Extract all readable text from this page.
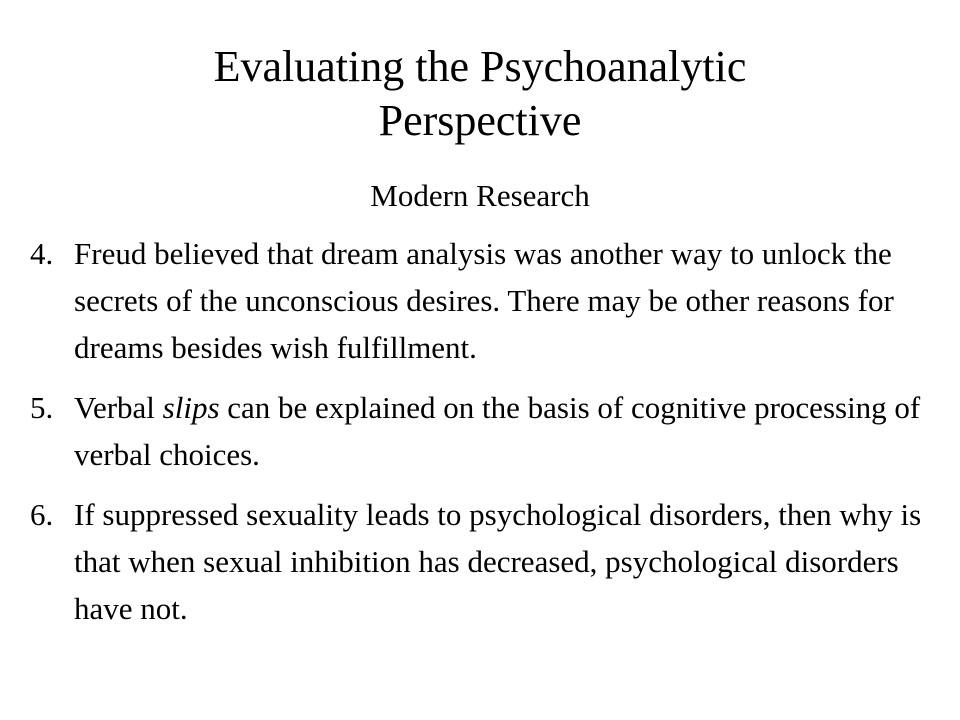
Evaluating the Psychoanalytic
Perspective
Modern Research
4. Freud believed that dream analysis was another way to unlock the secrets of the unconscious desires. There may be other reasons for dreams besides wish fulfillment.
5. Verbal slips can be explained on the basis of cognitive processing of verbal choices.
6. If suppressed sexuality leads to psychological disorders, then why is that when sexual inhibition has decreased, psychological disorders have not.
